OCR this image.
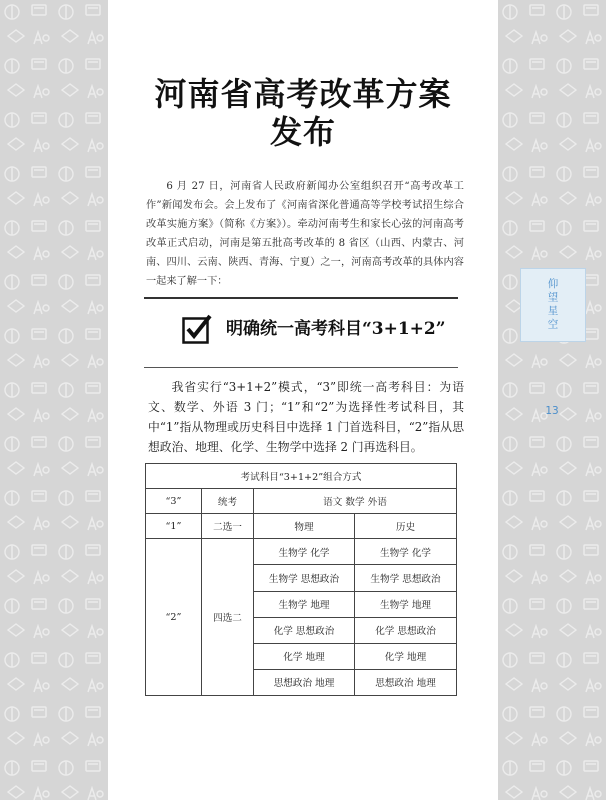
河南省高考改革方案
发布

6 月 27 日，河南省人民政府新闻办公室组织召开“高考改革工作”新闻发布会。会上发布了《河南省深化普通高等学校考试招生综合改革实施方案》（简称《方案》）。牵动河南考生和家长心弦的河南高考改革正式启动，河南是第五批高考改革的 8 省区（山西、内蒙古、河南、四川、云南、陕西、青海、宁夏）之一，河南高考改革的具体内容一起来了解一下：

明确统一高考科目“3+1+2”

我省实行“3+1+2”模式，“3”即统一高考科目：为语文、数学、外语 3 门；“1”和“2”为选择性考试科目，其中“1”指从物理或历史科目中选择 1 门首选科目，“2”指从思想政治、地理、化学、生物学中选择 2 门再选科目。

考试科目“3+1+2”组合方式			
“3”	统考	语文 数学 外语	
“1”	二选一	物理	历史
“2”	四选二	生物学 化学	生物学 化学
		生物学 思想政治	生物学 思想政治
		生物学 地理	生物学 地理
		化学 思想政治	化学 思想政治
		化学 地理	化学 地理
		思想政治 地理	思想政治 地理
仰望星空
13
